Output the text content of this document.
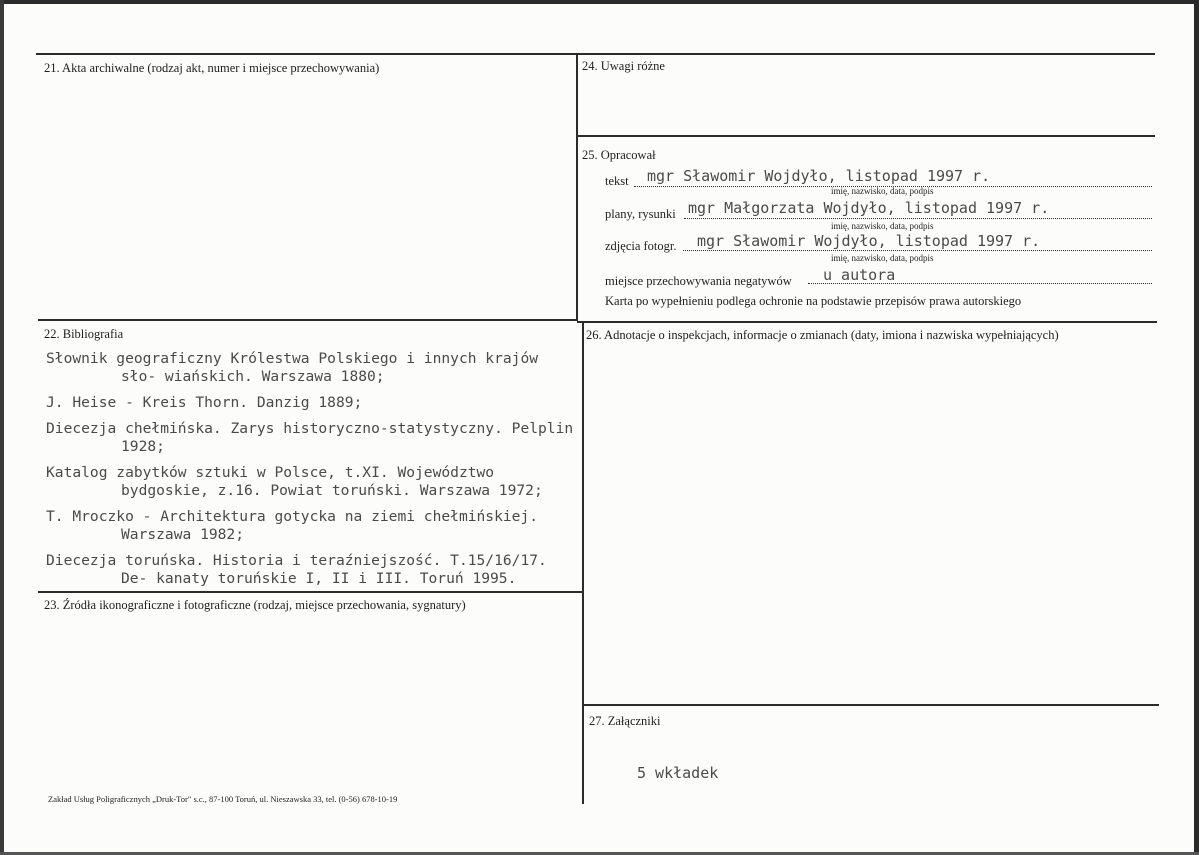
21. Akta archiwalne (rodzaj akt, numer i miejsce przechowywania)	24. Uwagi różne
25. Opracował
tekst mgr Sławomir Wojdyło, listopad 1997 r.
imię, nazwisko, data, podpis
plany, rysunki mgr Małgorzata Wojdyło, listopad 1997 r.
imię, nazwisko, data, podpis
zdjęcia fotogr. mgr Sławomir Wojdyło, listopad 1997 r.
imię, nazwisko, data, podpis
miejsce przechowywania negatywów u autora
Karta po wypełnieniu podlega ochronie na podstawie przepisów prawa autorskiego
22. Bibliografia
Słownik geograficzny Królestwa Polskiego i innych krajów sło- wiańskich. Warszawa 1880;
J. Heise - Kreis Thorn. Danzig 1889;
Diecezja chełmińska. Zarys historyczno-statystyczny. Pelplin 1928;
Katalog zabytków sztuki w Polsce, t.XI. Województwo bydgoskie, z.16. Powiat toruński. Warszawa 1972;
T. Mroczko - Architektura gotycka na ziemi chełmińskiej. Warszawa 1982;
Diecezja toruńska. Historia i teraźniejszość. T.15/16/17. De- kanaty toruńskie I, II i III. Toruń 1995.
26. Adnotacje o inspekcjach, informacje o zmianach (daty, imiona i nazwiska wypełniających)
23. Źródła ikonograficzne i fotograficzne (rodzaj, miejsce przechowania, sygnatury)
27. Załączniki
5 wkładek
Zakład Usług Poligraficznych „Druk-Tor" s.c., 87-100 Toruń, ul. Nieszawska 33, tel. (0-56) 678-10-19
